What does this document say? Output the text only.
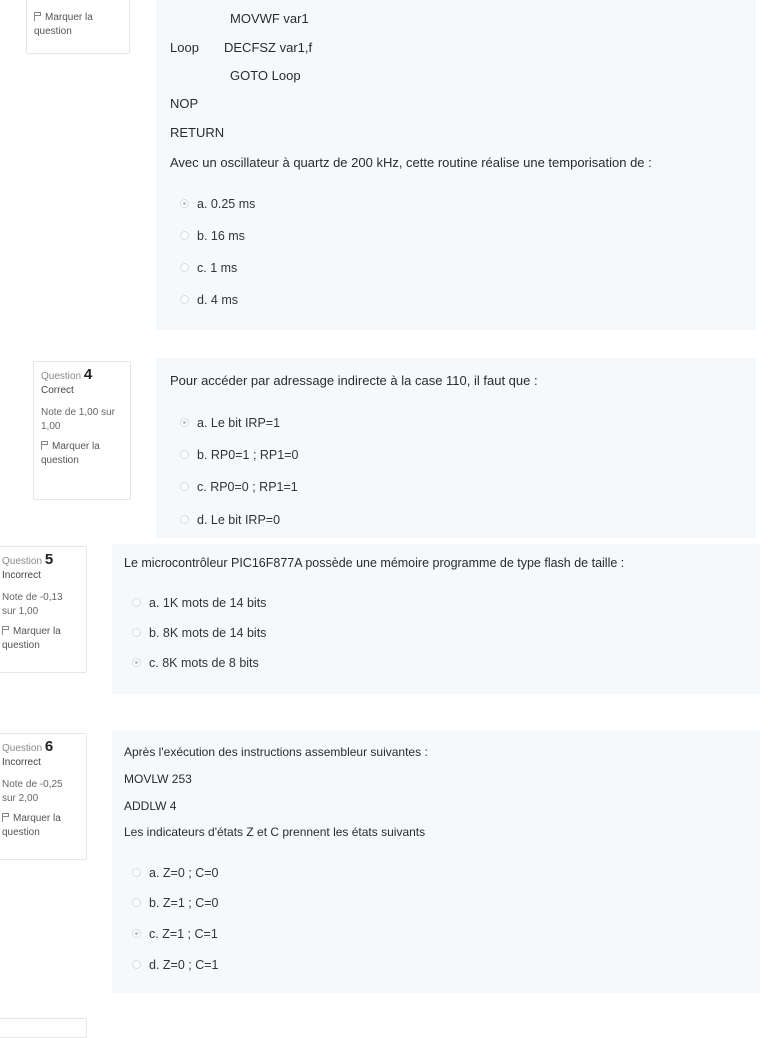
Marquer la question
MOVWF var1
Loop DECFSZ var1,f
GOTO Loop
NOP
RETURN
Avec un oscillateur à quartz de 200 kHz, cette routine réalise une temporisation de :
a. 0.25 ms
b. 16 ms
c. 1 ms
d. 4 ms
Question 4
Correct
Note de 1,00 sur 1,00
Marquer la question
Pour accéder par adressage indirecte à la case 110, il faut que :
a. Le bit IRP=1
b. RP0=1 ; RP1=0
c. RP0=0 ; RP1=1
d. Le bit IRP=0
Question 5
Incorrect
Note de -0,13 sur 1,00
Marquer la question
Le microcontrôleur PIC16F877A possède une mémoire programme de type flash de taille :
a. 1K mots de 14 bits
b. 8K mots de 14 bits
c. 8K mots de 8 bits
Question 6
Incorrect
Note de -0,25 sur 2,00
Marquer la question
Après l'exécution des instructions assembleur suivantes :
MOVLW 253
ADDLW 4
Les indicateurs d'états Z et C prennent les états suivants
a. Z=0 ; C=0
b. Z=1 ; C=0
c. Z=1 ; C=1
d. Z=0 ; C=1
